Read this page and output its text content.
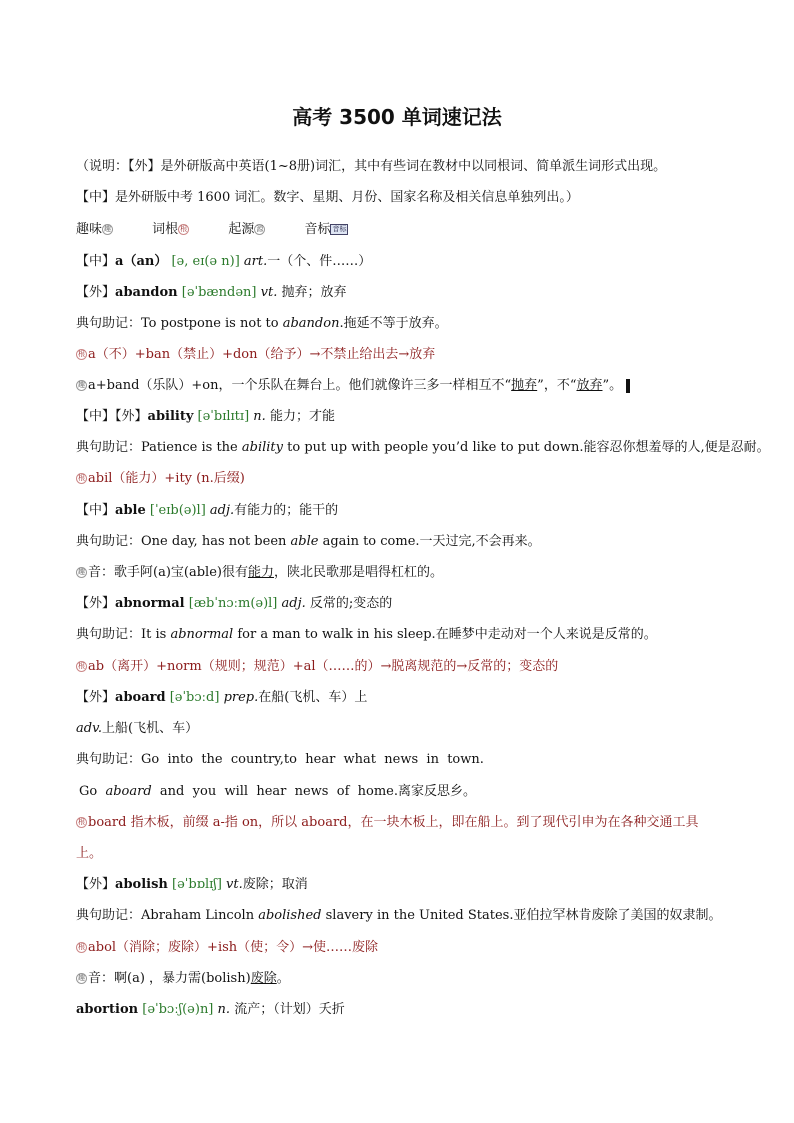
高考 3500 单词速记法
（说明：【外】是外研版高中英语(1~8册)词汇，其中有些词在教材中以同根词、简单派生词形式出现。
【中】是外研版中考 1600 词汇。数字、星期、月份、国家名称及相关信息单独列出。）
趣味 趣	词根 根	起源 源	音标 音标
【中】a（an） [ə, eɪ(ə n)] art.一（个、件……）
【外】abandon [əˈbændən] vt. 抛弃；放弃
典句助记：To postpone is not to abandon.拖延不等于放弃。
根 a（不）+ban（禁止）+don（给予）→不禁止给出去→放弃
趣 a+band（乐队）+on，一个乐队在舞台上。他们就像许三多一样相互不“抛弃”，不“放弃”。
【中】【外】ability [əˈbɪlɪtɪ] n. 能力；才能
典句助记：Patience is the ability to put up with people you’d like to put down.能容忍你想羞辱的人,便是忍耐。
根 abil（能力）+ity (n.后缀)
【中】able [ˈeɪb(ə)l] adj.有能力的；能干的
典句助记：One day, has not been able again to come.一天过完,不会再来。
趣 音：歌手阿(a)宝(able)很有能力，陕北民歌那是唱得杠杠的。
【外】abnormal [æbˈnɔːm(ə)l] adj. 反常的;变态的
典句助记：It is abnormal for a man to walk in his sleep.在睡梦中走动对一个人来说是反常的。
根 ab（离开）+norm（规则；规范）+al（……的）→脱离规范的→反常的；变态的
【外】aboard [əˈbɔːd] prep.在船(飞机、车）上
adv.上船(飞机、车）
典句助记：Go  into  the  country,to  hear  what  news  in  town.
Go  aboard  and  you  will  hear  news  of  home.离家反思乡。
根 board 指木板，前缀 a-指 on，所以 aboard，在一块木板上，即在船上。到了现代引申为在各种交通工具
上。
【外】abolish [əˈbɒlɪʃ] vt.废除；取消
典句助记：Abraham Lincoln abolished slavery in the United States.亚伯拉罕林肯废除了美国的奴隶制。
根 abol（消除；废除）+ish（使；令）→使……废除
趣 音：啊(a) ，暴力需(bolish)废除。
abortion [əˈbɔːʃ(ə)n] n. 流产；（计划）夭折
